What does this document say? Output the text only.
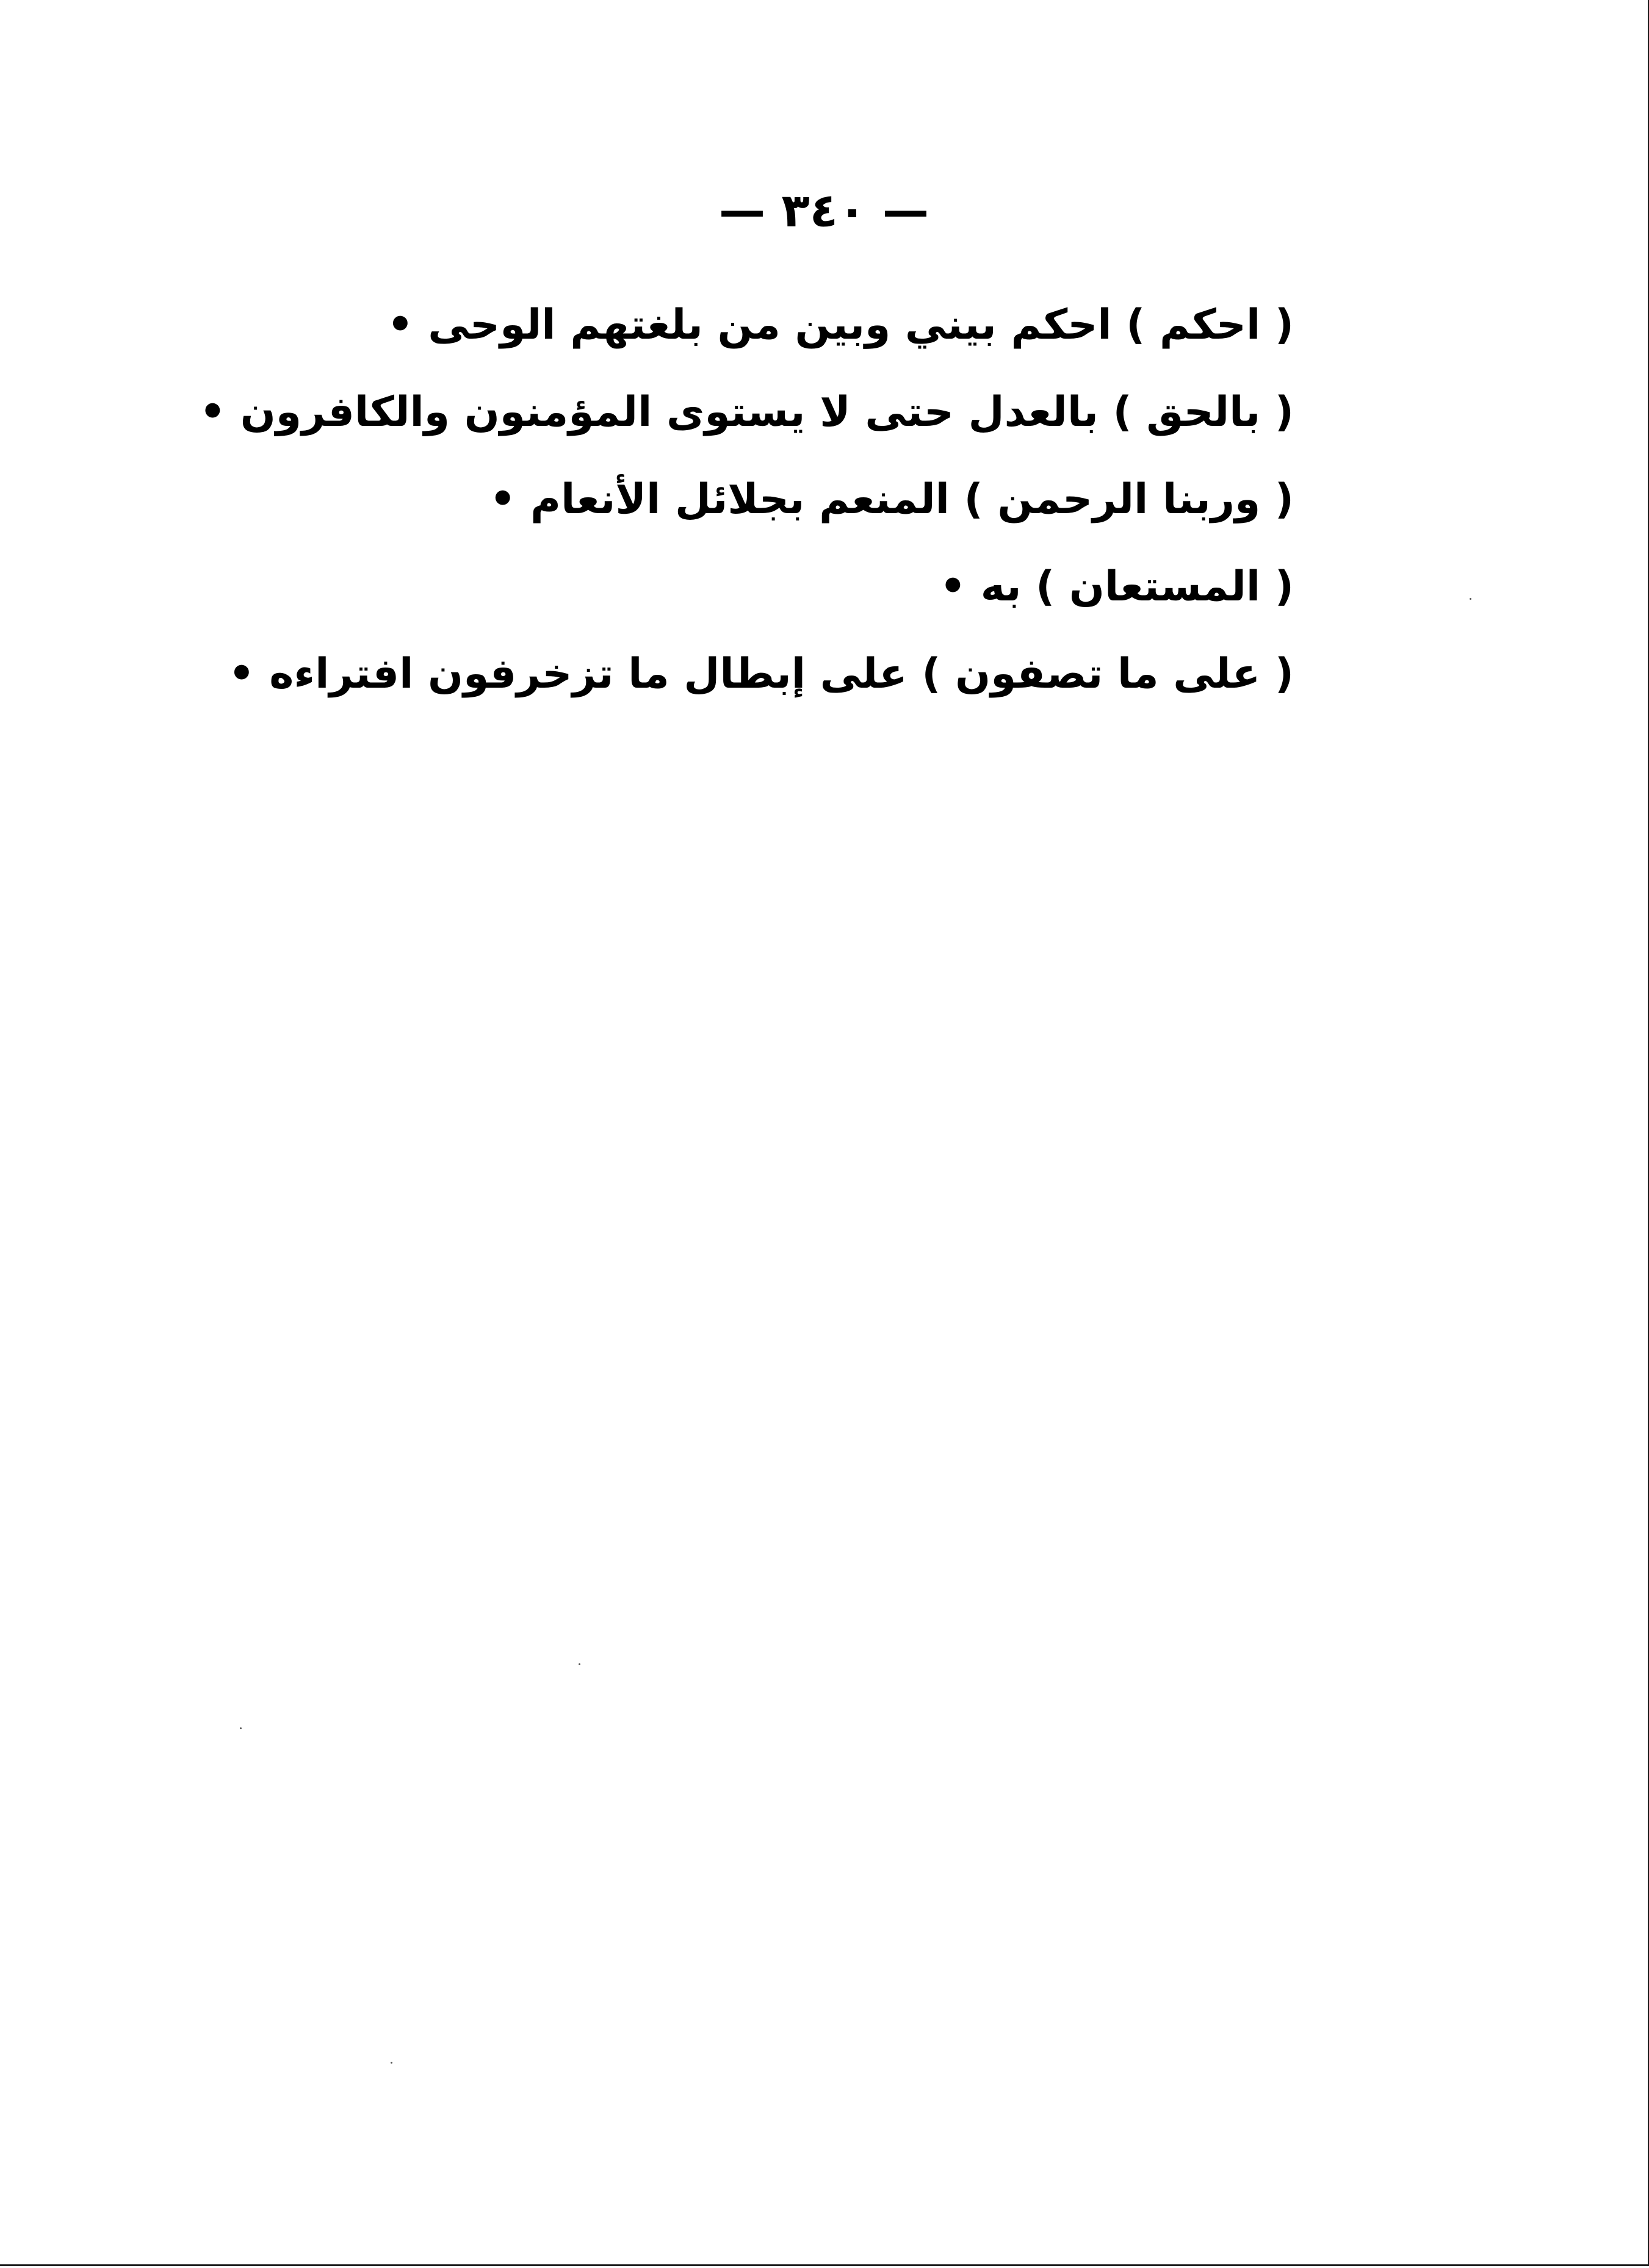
— ٣٤٠ —
( احكم ) احكم بيني وبين من بلغتهم الوحى •
( بالحق ) بالعدل حتى لا يستوى المؤمنون والكافرون •
( وربنا الرحمن ) المنعم بجلائل الأنعام •
( المستعان ) به •
( على ما تصفون ) على إبطال ما تزخرفون افتراءه •
